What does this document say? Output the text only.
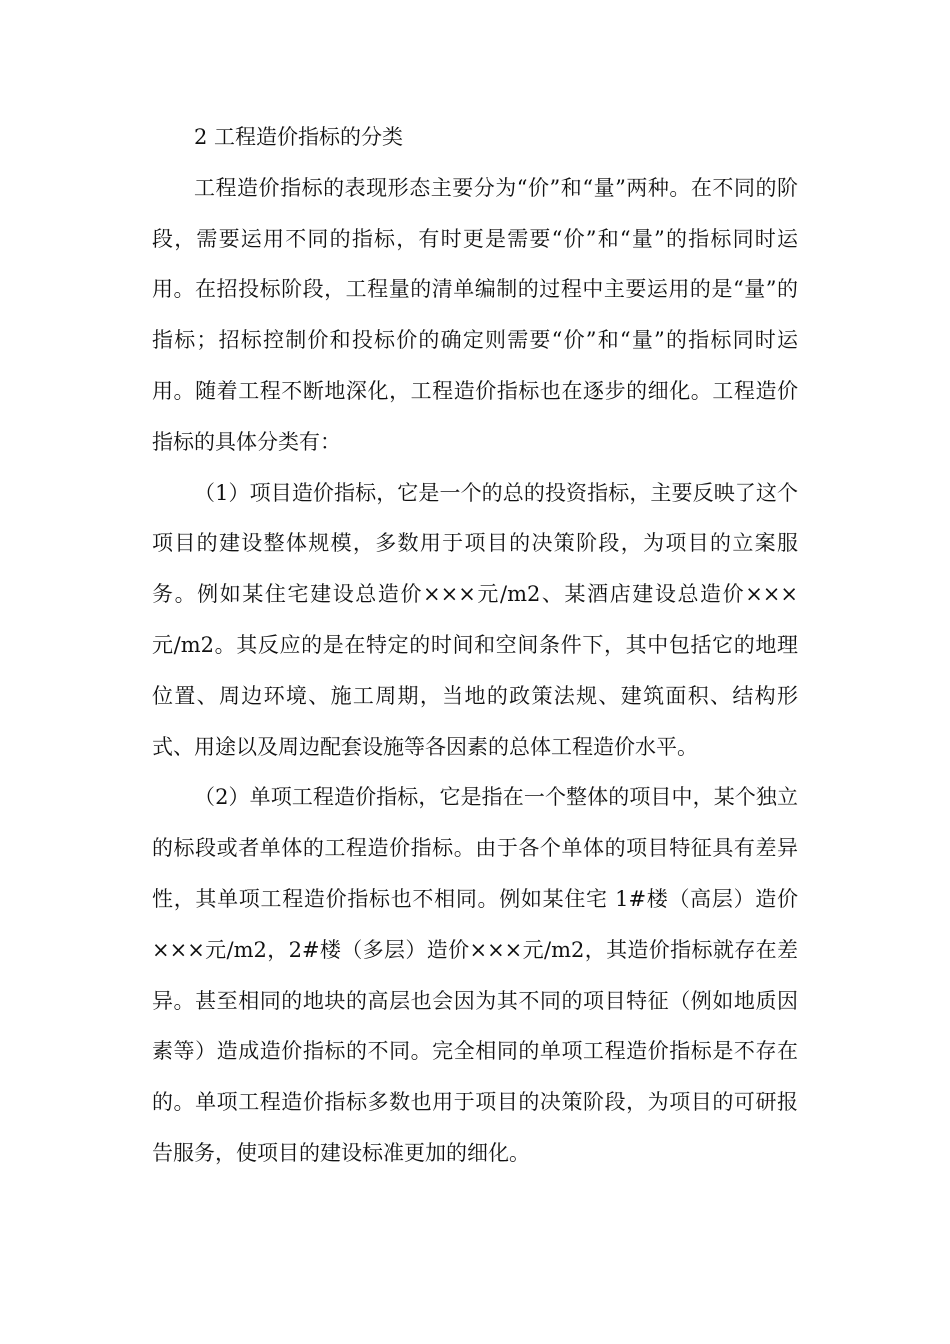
2 工程造价指标的分类

工程造价指标的表现形态主要分为“价”和“量”两种。在不同的阶段，需要运用不同的指标，有时更是需要“价”和“量”的指标同时运用。在招投标阶段，工程量的清单编制的过程中主要运用的是“量”的指标；招标控制价和投标价的确定则需要“价”和“量”的指标同时运用。随着工程不断地深化，工程造价指标也在逐步的细化。工程造价指标的具体分类有：

（1）项目造价指标，它是一个的总的投资指标，主要反映了这个项目的建设整体规模，多数用于项目的决策阶段，为项目的立案服务。例如某住宅建设总造价×××元/m2、某酒店建设总造价×××元/m2。其反应的是在特定的时间和空间条件下，其中包括它的地理位置、周边环境、施工周期，当地的政策法规、建筑面积、结构形式、用途以及周边配套设施等各因素的总体工程造价水平。

（2）单项工程造价指标，它是指在一个整体的项目中，某个独立的标段或者单体的工程造价指标。由于各个单体的项目特征具有差异性，其单项工程造价指标也不相同。例如某住宅 1#楼（高层）造价×××元/m2，2#楼（多层）造价×××元/m2，其造价指标就存在差异。甚至相同的地块的高层也会因为其不同的项目特征（例如地质因素等）造成造价指标的不同。完全相同的单项工程造价指标是不存在的。单项工程造价指标多数也用于项目的决策阶段，为项目的可研报告服务，使项目的建设标准更加的细化。
